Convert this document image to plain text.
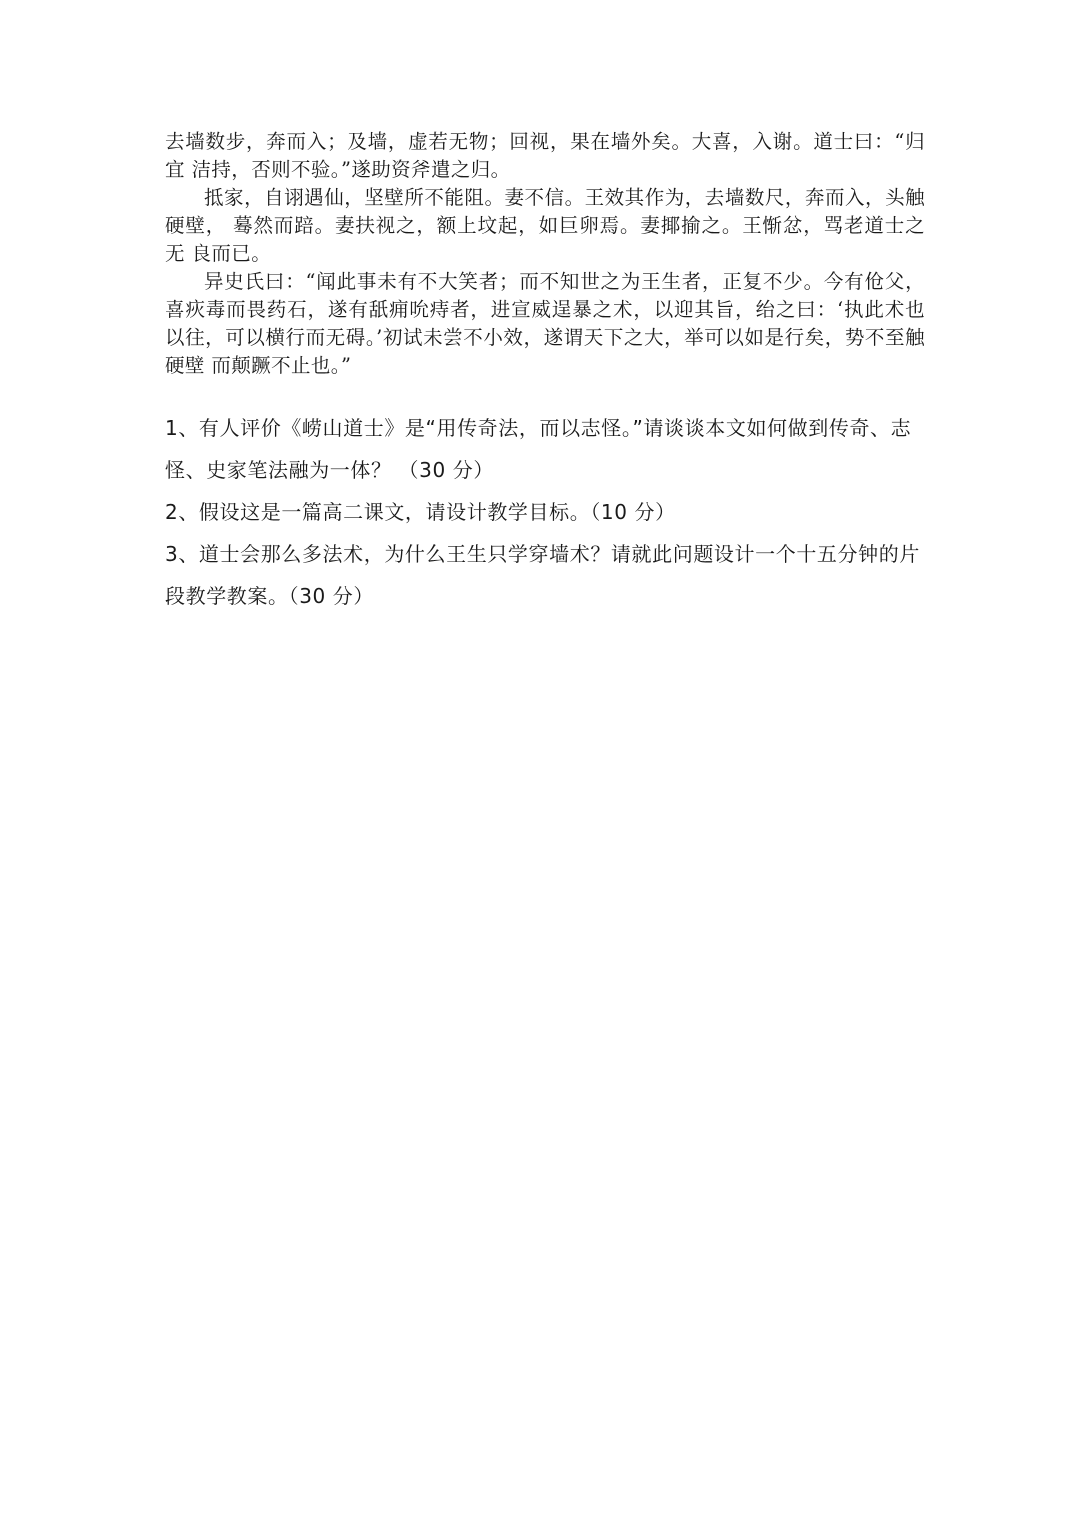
去墙数步，奔而入；及墙，虚若无物；回视，果在墙外矣。大喜，入谢。道士曰：“归宜 洁持，否则不验。”遂助资斧遣之归。

抵家，自诩遇仙，坚壁所不能阻。妻不信。王效其作为，去墙数尺，奔而入，头触硬壁， 蓦然而踣。妻扶视之，额上坟起，如巨卵焉。妻揶揄之。王惭忿，骂老道士之无 良而已。

异史氏曰：“闻此事未有不大笑者；而不知世之为王生者，正复不少。今有伧父，喜疢毒而畏药石，遂有舐痈吮痔者，进宣威逞暴之术，以迎其旨，绐之曰：‘执此术也 以往，可以横行而无碍。’初试未尝不小效，遂谓天下之大，举可以如是行矣，势不至触硬壁 而颠蹶不止也。”

1、有人评价《崂山道士》是“用传奇法，而以志怪。”请谈谈本文如何做到传奇、志怪、史家笔法融为一体？ （30 分）

2、假设这是一篇高二课文，请设计教学目标。（10 分）

3、道士会那么多法术，为什么王生只学穿墙术？请就此问题设计一个十五分钟的片段教学教案。（30 分）
